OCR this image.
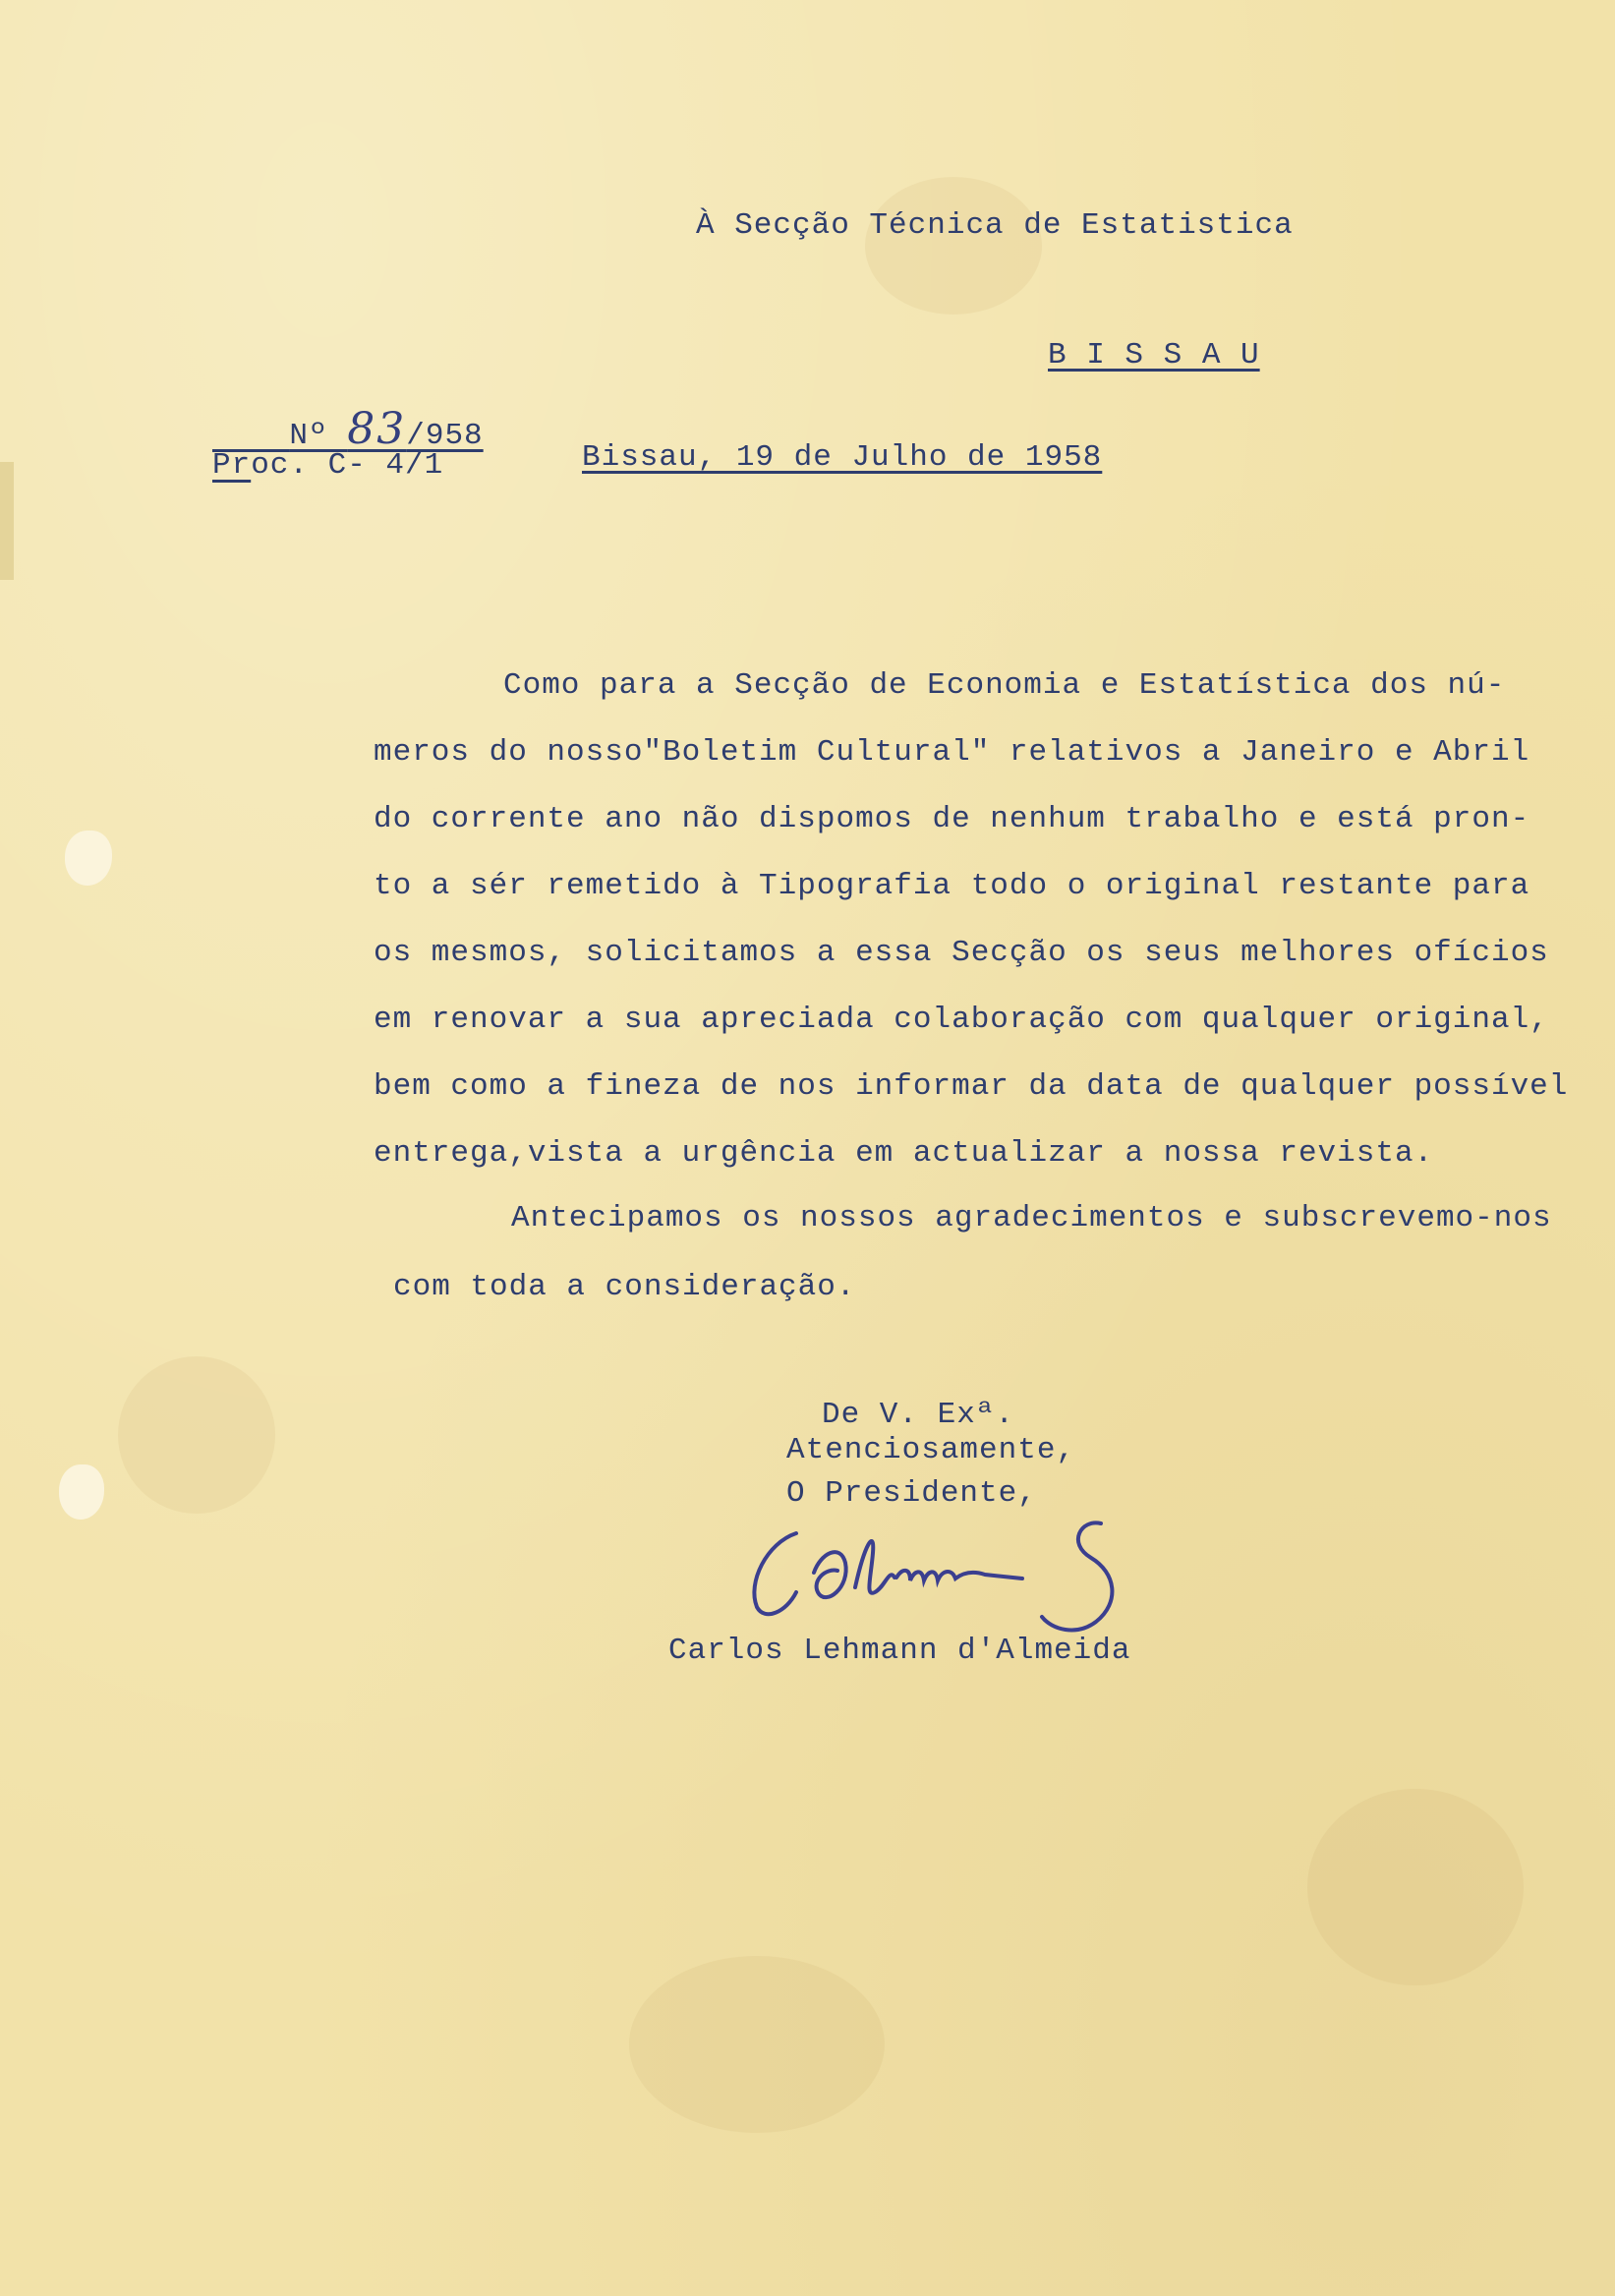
À Secção Técnica de Estatistica
B I S S A U

Nº 83/958

Proc. C- 4/1	Bissau, 19 de Julho de 1958
Como para a Secção de Economia e Estatística dos nú-
meros do nosso"Boletim Cultural" relativos a Janeiro e Abril
do corrente ano não dispomos de nenhum trabalho e está pron-
to a sér remetido à Tipografia todo o original restante para
os mesmos, solicitamos a essa Secção os seus melhores ofícios
em renovar a sua apreciada colaboração com qualquer original,
bem como a fineza de nos informar da data de qualquer possível
entrega,vista a urgência em actualizar a nossa revista.
Antecipamos os nossos agradecimentos e subscrevemo-nos
com toda a consideração.
De V. Exª.
Atenciosamente,
O Presidente,
Carlos Lehmann d'Almeida
